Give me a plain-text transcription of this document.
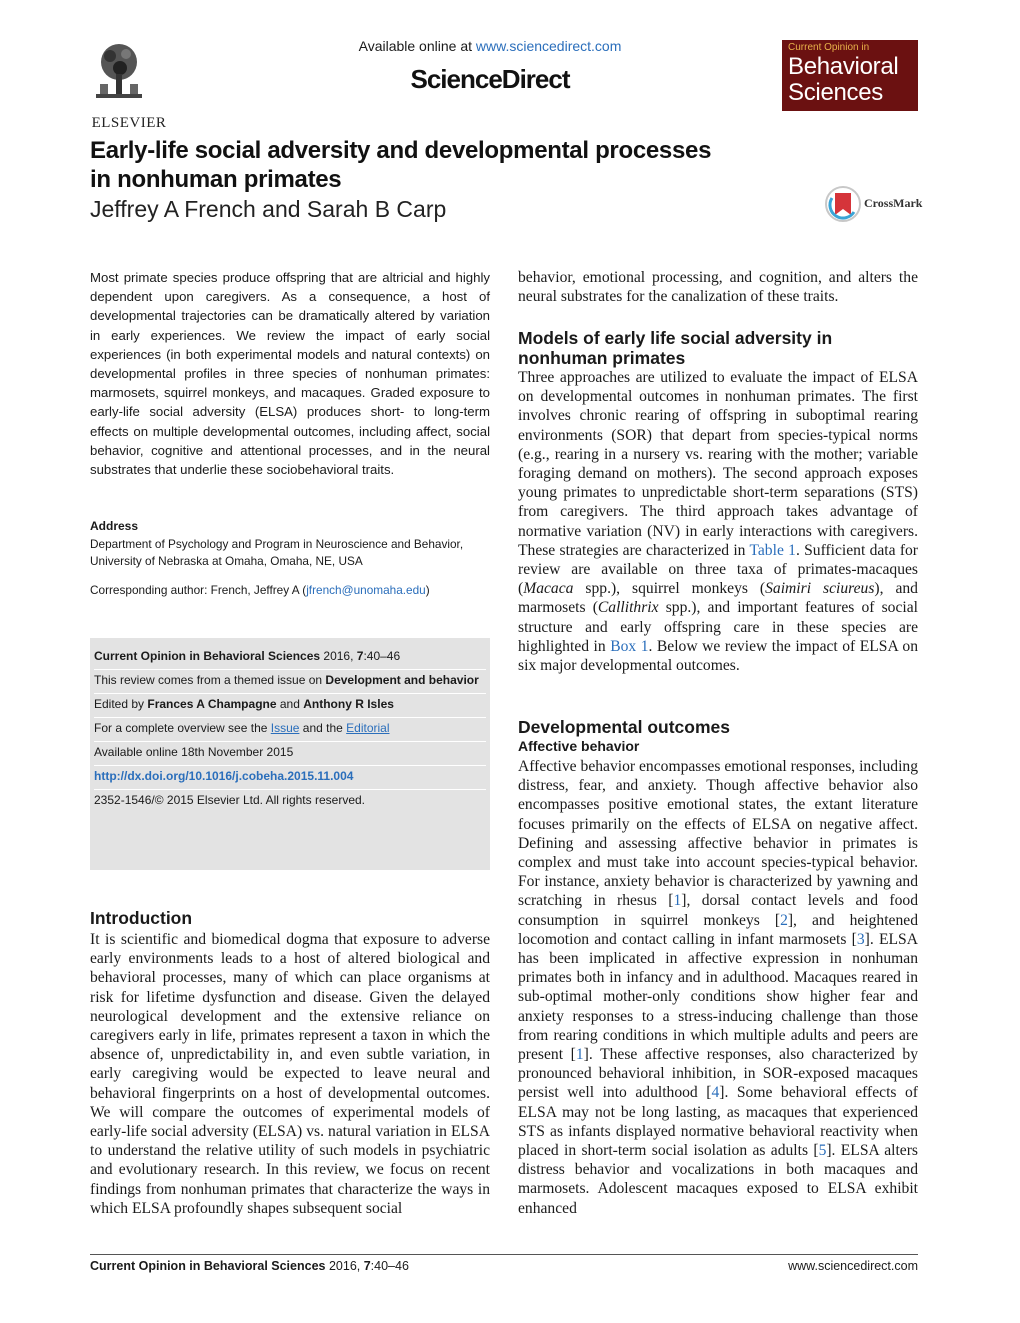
ELSEVIER
Available online at www.sciencedirect.com
ScienceDirect
Current Opinion in
Behavioral
Sciences
Early-life social adversity and developmental processes
in nonhuman primates
Jeffrey A French and Sarah B Carp	CrossMark

Most primate species produce offspring that are altricial and highly dependent upon caregivers. As a consequence, a host of developmental trajectories can be dramatically altered by variation in early experiences. We review the impact of early social experiences (in both experimental models and natural contexts) on developmental profiles in three species of nonhuman primates: marmosets, squirrel monkeys, and macaques. Graded exposure to early-life social adversity (ELSA) produces short- to long-term effects on multiple developmental outcomes, including affect, social behavior, cognitive and attentional processes, and in the neural substrates that underlie these sociobehavioral traits.

Address
Department of Psychology and Program in Neuroscience and Behavior,
University of Nebraska at Omaha, Omaha, NE, USA
Corresponding author: French, Jeffrey A (jfrench@unomaha.edu)
Current Opinion in Behavioral Sciences 2016, 7:40–46
This review comes from a themed issue on Development and behavior
Edited by Frances A Champagne and Anthony R Isles
For a complete overview see the Issue and the Editorial
Available online 18th November 2015
http://dx.doi.org/10.1016/j.cobeha.2015.11.004
2352-1546/© 2015 Elsevier Ltd. All rights reserved.
Introduction

It is scientific and biomedical dogma that exposure to adverse early environments leads to a host of altered biological and behavioral processes, many of which can place organisms at risk for lifetime dysfunction and disease. Given the delayed neurological development and the extensive reliance on caregivers early in life, primates represent a taxon in which the absence of, unpredictability in, and even subtle variation, in early caregiving would be expected to leave neural and behavioral fingerprints on a host of developmental outcomes. We will compare the outcomes of experimental models of early-life social adversity (ELSA) vs. natural variation in ELSA to understand the relative utility of such models in psychiatric and evolutionary research. In this review, we focus on recent findings from nonhuman primates that characterize the ways in which ELSA profoundly shapes subsequent social

behavior, emotional processing, and cognition, and alters the neural substrates for the canalization of these traits.

Models of early life social adversity in nonhuman primates

Three approaches are utilized to evaluate the impact of ELSA on developmental outcomes in nonhuman primates. The first involves chronic rearing of offspring in suboptimal rearing environments (SOR) that depart from species-typical norms (e.g., rearing in a nursery vs. rearing with the mother; variable foraging demand on mothers). The second approach exposes young primates to unpredictable short-term separations (STS) from caregivers. The third approach takes advantage of normative variation (NV) in early interactions with caregivers. These strategies are characterized in Table 1. Sufficient data for review are available on three taxa of primates-macaques (Macaca spp.), squirrel monkeys (Saimiri sciureus), and marmosets (Callithrix spp.), and important features of social structure and early offspring care in these species are highlighted in Box 1. Below we review the impact of ELSA on six major developmental outcomes.

Developmental outcomes
Affective behavior

Affective behavior encompasses emotional responses, including distress, fear, and anxiety. Though affective behavior also encompasses positive emotional states, the extant literature focuses primarily on the effects of ELSA on negative affect. Defining and assessing affective behavior in primates is complex and must take into account species-typical behavior. For instance, anxiety behavior is characterized by yawning and scratching in rhesus [1], dorsal contact levels and food consumption in squirrel monkeys [2], and heightened locomotion and contact calling in infant marmosets [3]. ELSA has been implicated in affective expression in nonhuman primates both in infancy and in adulthood. Macaques reared in sub-optimal mother-only conditions show higher fear and anxiety responses to a stress-inducing challenge than those from rearing conditions in which multiple adults and peers are present [1]. These affective responses, also characterized by pronounced behavioral inhibition, in SOR-exposed macaques persist well into adulthood [4]. Some behavioral effects of ELSA may not be long lasting, as macaques that experienced STS as infants displayed normative behavioral reactivity when placed in short-term social isolation as adults [5]. ELSA alters distress behavior and vocalizations in both macaques and marmosets. Adolescent macaques exposed to ELSA exhibit enhanced

Current Opinion in Behavioral Sciences 2016, 7:40–46	www.sciencedirect.com
